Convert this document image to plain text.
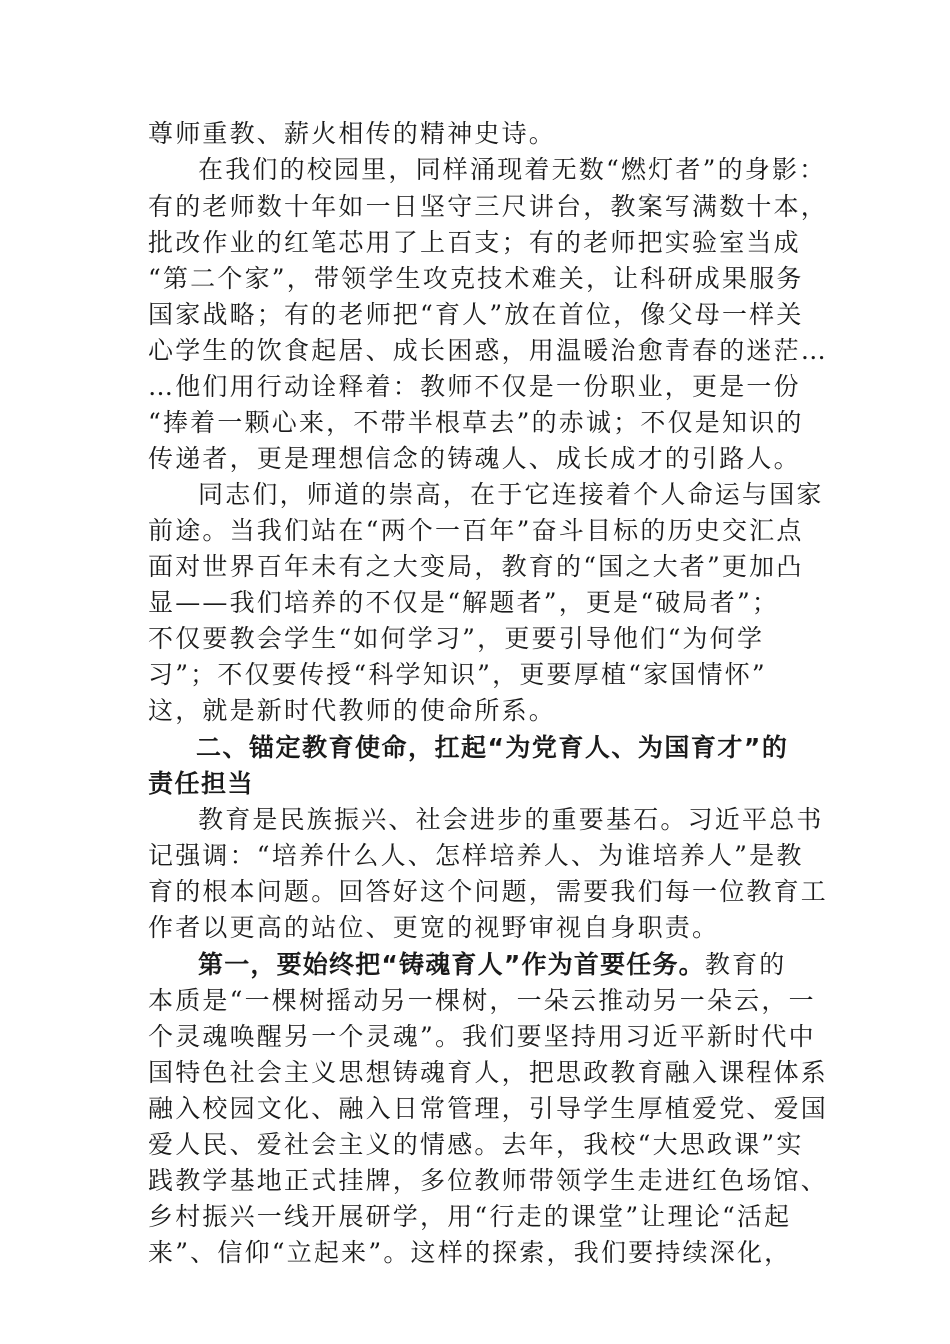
尊师重教、薪火相传的精神史诗。
在我们的校园里，同样涌现着无数“燃灯者”的身影：
有的老师数十年如一日坚守三尺讲台，教案写满数十本，
批改作业的红笔芯用了上百支；有的老师把实验室当成
“第二个家”，带领学生攻克技术难关，让科研成果服务
国家战略；有的老师把“育人”放在首位，像父母一样关
心学生的饮食起居、成长困惑，用温暖治愈青春的迷茫…
…他们用行动诠释着：教师不仅是一份职业，更是一份
“捧着一颗心来，不带半根草去”的赤诚；不仅是知识的
传递者，更是理想信念的铸魂人、成长成才的引路人。
同志们，师道的崇高，在于它连接着个人命运与国家
前途。当我们站在“两个一百年”奋斗目标的历史交汇点
面对世界百年未有之大变局，教育的“国之大者”更加凸
显——我们培养的不仅是“解题者”，更是“破局者”；
不仅要教会学生“如何学习”，更要引导他们“为何学
习”；不仅要传授“科学知识”，更要厚植“家国情怀”
这，就是新时代教师的使命所系。
二、锚定教育使命，扛起“为党育人、为国育才”的
责任担当
教育是民族振兴、社会进步的重要基石。习近平总书
记强调：“培养什么人、怎样培养人、为谁培养人”是教
育的根本问题。回答好这个问题，需要我们每一位教育工
作者以更高的站位、更宽的视野审视自身职责。
第一，要始终把“铸魂育人”作为首要任务。教育的
本质是“一棵树摇动另一棵树，一朵云推动另一朵云，一
个灵魂唤醒另一个灵魂”。我们要坚持用习近平新时代中
国特色社会主义思想铸魂育人，把思政教育融入课程体系
融入校园文化、融入日常管理，引导学生厚植爱党、爱国
爱人民、爱社会主义的情感。去年，我校“大思政课”实
践教学基地正式挂牌，多位教师带领学生走进红色场馆、
乡村振兴一线开展研学，用“行走的课堂”让理论“活起
来”、信仰“立起来”。这样的探索，我们要持续深化，
